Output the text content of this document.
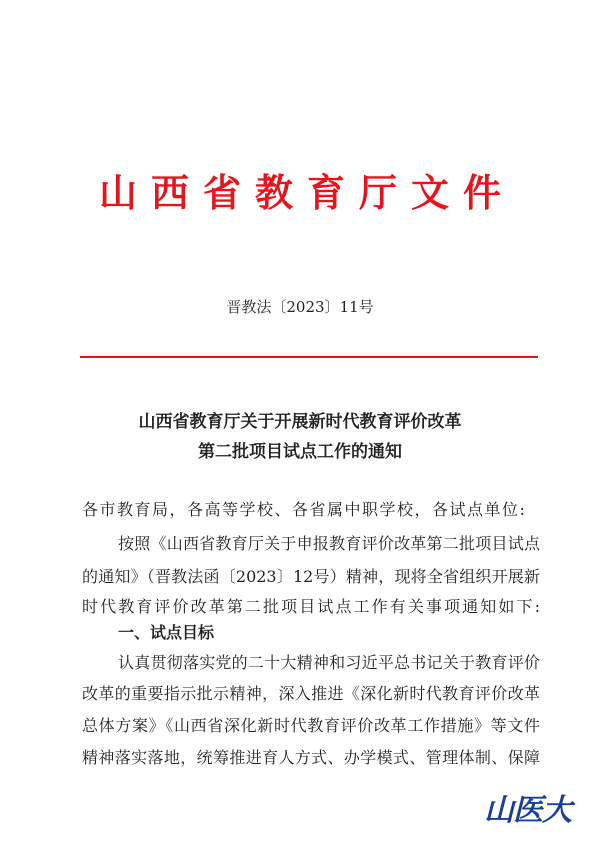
山西省教育厅文件
晋教法〔2023〕11号
山西省教育厅关于开展新时代教育评价改革
第二批项目试点工作的通知
各市教育局，各高等学校、各省属中职学校，各试点单位:
按照《山西省教育厅关于申报教育评价改革第二批项目试点
的通知》（晋教法函〔2023〕12号）精神，现将全省组织开展新
时代教育评价改革第二批项目试点工作有关事项通知如下:
一、试点目标
认真贯彻落实党的二十大精神和习近平总书记关于教育评价
改革的重要指示批示精神，深入推进《深化新时代教育评价改革
总体方案》《山西省深化新时代教育评价改革工作措施》等文件
精神落实落地，统筹推进育人方式、办学模式、管理体制、保障
山医大
